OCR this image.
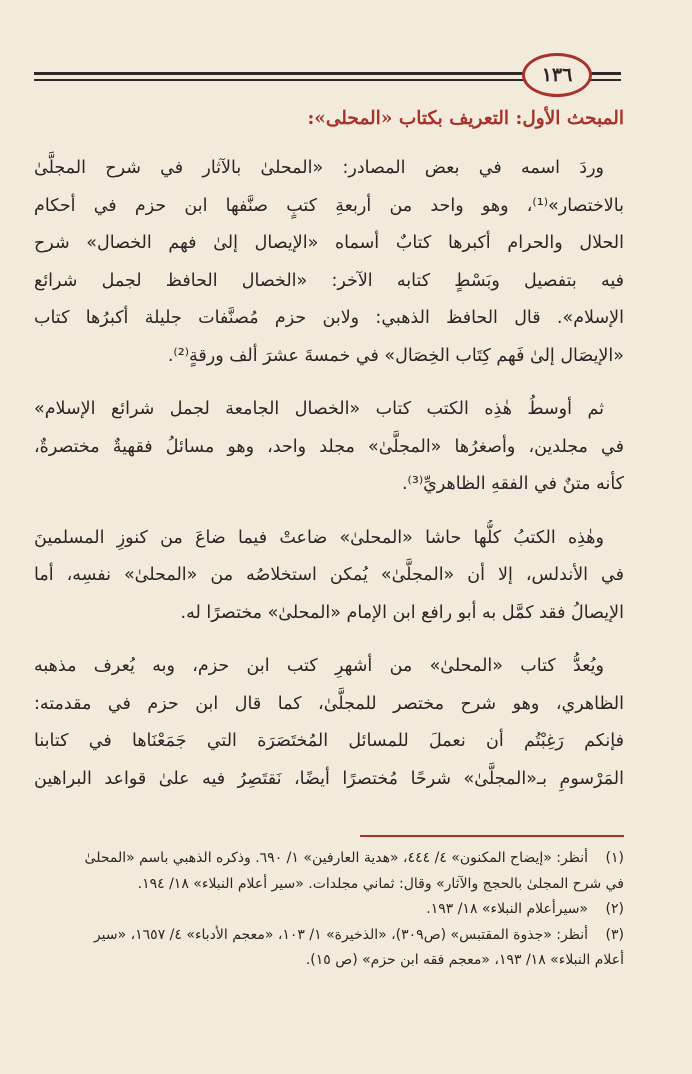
١٣٦
المبحث الأول: التعريف بكتاب «المحلى»:

وردَ اسمه في بعض المصادر: «المحلىٰ بالآثار في شرح المجلَّىٰ
بالاختصار»⁽¹⁾، وهو واحد من أربعةِ كتبٍ صنَّفها ابن حزم في أحكام
الحلال والحرام أكبرها كتابٌ أسماه «الإيصال إلىٰ فهم الخصال» شرح
فيه بتفصيل وبَسْطٍ كتابه الآخر: «الخصال الحافظ لجمل شرائع
الإسلام». قال الحافظ الذهبي: ولابن حزم مُصنَّفات جليلة أكبرُها كتاب
«الإيصَال إلىٰ فَهم كِتَاب الخِصَال» في خمسةَ عشرَ ألف ورقةٍ⁽²⁾.

ثم أوسطُ هٰذِه الكتب كتاب «الخصال الجامعة لجمل شرائع الإسلام»
في مجلدين، وأصغرُها «المجلَّىٰ» مجلد واحد، وهو مسائلُ فقهيةٌ مختصرةٌ،
كأنه متنٌ في الفقهِ الظاهريِّ⁽³⁾.

وهٰذِه الكتبُ كلُّها حاشا «المحلىٰ» ضاعتْ فيما ضاعَ من كنوزِ المسلمينَ
في الأندلس، إلا أن «المجلَّىٰ» يُمكن استخلاصُه من «المحلىٰ» نفسِه، أما
الإيصالُ فقد كمَّل به أبو رافع ابن الإمام «المحلىٰ» مختصرًا له.

ويُعدُّ كتاب «المحلىٰ» من أشهرِ كتب ابن حزم، وبه يُعرف مذهبه
الظاهري، وهو شرح مختصر للمجلَّىٰ، كما قال ابن حزم في مقدمته:
فإنكم رَغِبْتُم أن نعملَ للمسائل المُختَصَرَة التي جَمَعْنَاها في كتابنا
المَرْسومِ بـ«المجلَّىٰ» شرحًا مُختصرًا أيضًا، نَقتَصِرُ فيه علىٰ قواعد البراهين

(١)
أنظر: «إيضاح المكنون» ٤/ ٤٤٤، «هدية العارفين» ١/ ٦٩٠. وذكره الذهبي باسم «المحلىٰ
في شرح المجلىٰ بالحجج والآثار» وقال: ثماني مجلدات. «سير أعلام النبلاء» ١٨/ ١٩٤.
(٢)
«سيرأعلام النبلاء» ١٨/ ١٩٣.
(٣)
أنظر: «جذوة المقتبس» (ص٣٠٩)، «الذخيرة» ١/ ١٠٣، «معجم الأدباء» ٤/ ١٦٥٧، «سير
أعلام النبلاء» ١٨/ ١٩٣، «معجم فقه ابن حزم» (ص ١٥).
